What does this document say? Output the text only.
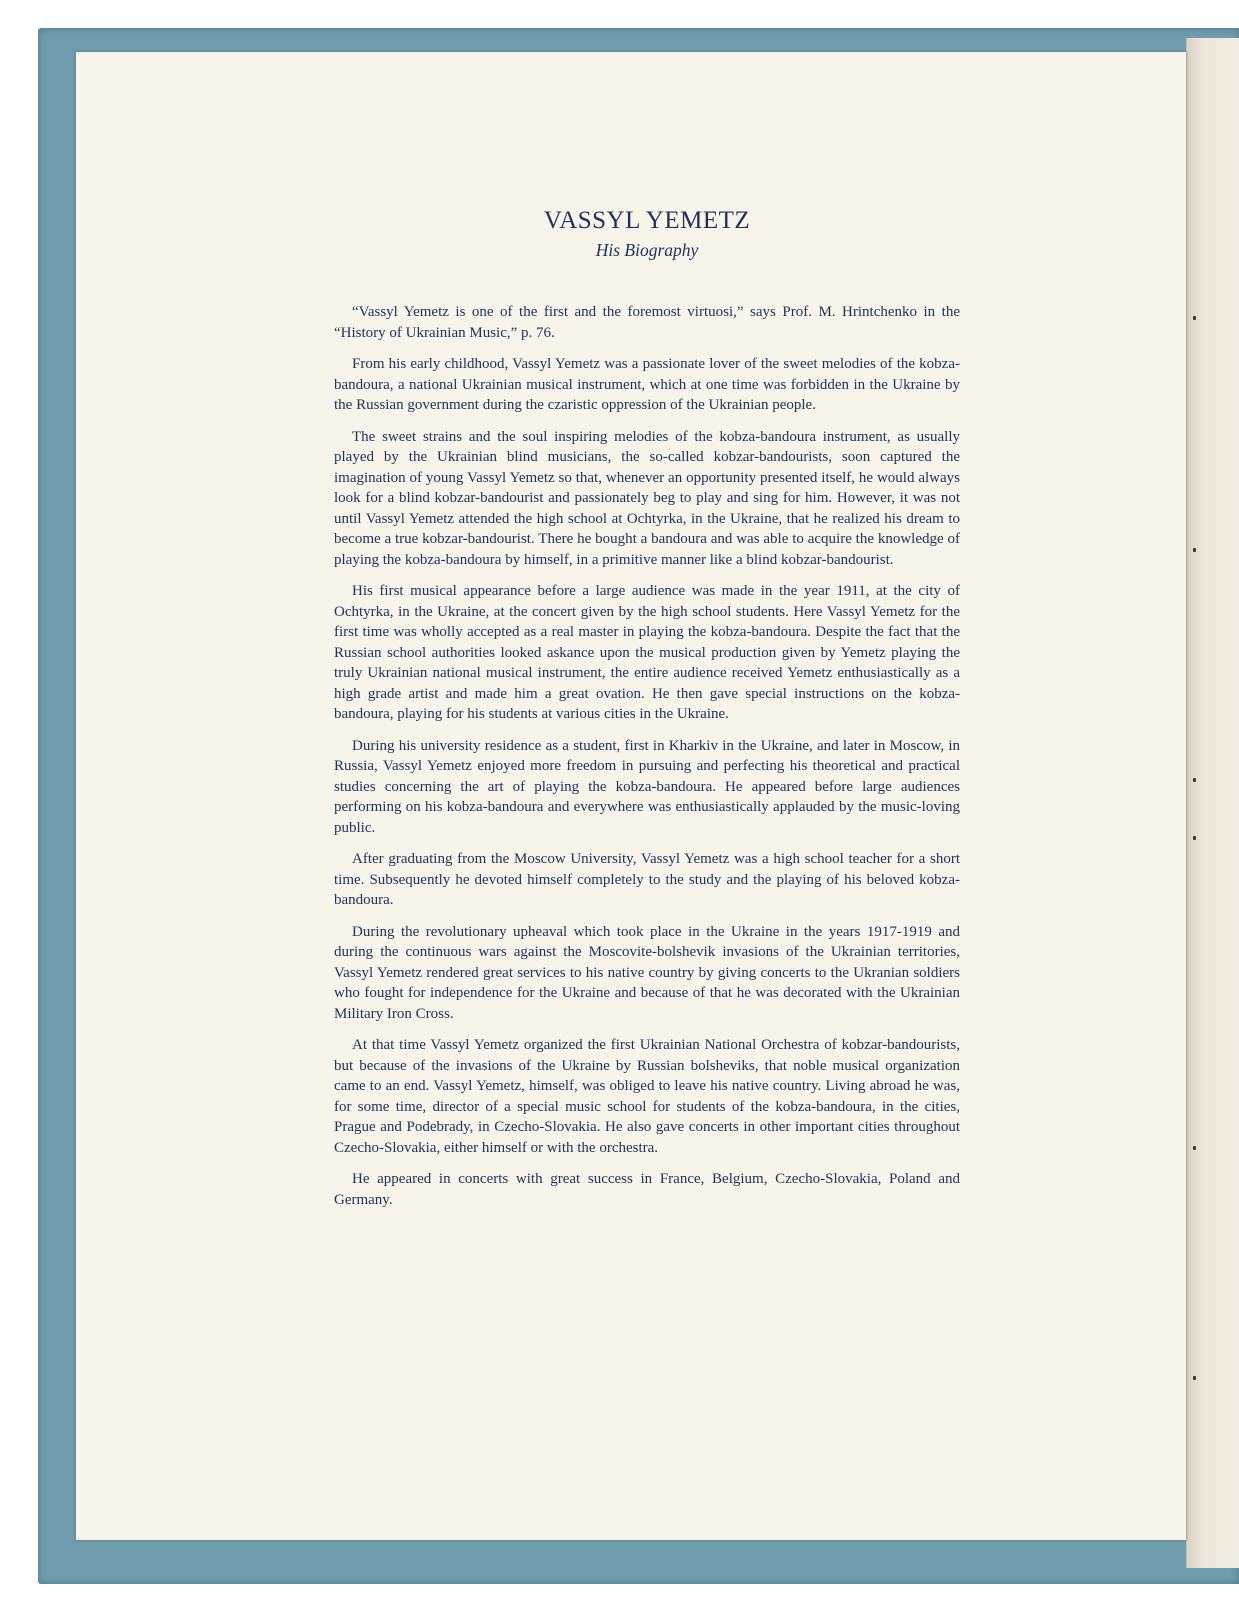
VASSYL YEMETZ
His Biography

“Vassyl Yemetz is one of the first and the foremost virtuosi,” says Prof. M. Hrintchenko in the “History of Ukrainian Music,” p. 76.

From his early childhood, Vassyl Yemetz was a passionate lover of the sweet melodies of the kobza-bandoura, a national Ukrainian musical instrument, which at one time was forbidden in the Ukraine by the Russian government during the czaristic oppression of the Ukrainian people.

The sweet strains and the soul inspiring melodies of the kobza-bandoura instrument, as usually played by the Ukrainian blind musicians, the so-called kobzar-bandourists, soon captured the imagination of young Vassyl Yemetz so that, whenever an opportunity presented itself, he would always look for a blind kobzar-bandourist and passionately beg to play and sing for him. However, it was not until Vassyl Yemetz attended the high school at Ochtyrka, in the Ukraine, that he realized his dream to become a true kobzar-bandourist. There he bought a bandoura and was able to acquire the knowledge of playing the kobza-bandoura by himself, in a primitive manner like a blind kobzar-bandourist.

His first musical appearance before a large audience was made in the year 1911, at the city of Ochtyrka, in the Ukraine, at the concert given by the high school students. Here Vassyl Yemetz for the first time was wholly accepted as a real master in playing the kobza-bandoura. Despite the fact that the Russian school authorities looked askance upon the musical production given by Yemetz playing the truly Ukrainian national musical instrument, the entire audience received Yemetz enthusiastically as a high grade artist and made him a great ovation. He then gave special instructions on the kobza-bandoura, playing for his students at various cities in the Ukraine.

During his university residence as a student, first in Kharkiv in the Ukraine, and later in Moscow, in Russia, Vassyl Yemetz enjoyed more freedom in pursuing and perfecting his theoretical and practical studies concerning the art of playing the kobza-bandoura. He appeared before large audiences performing on his kobza-bandoura and everywhere was enthusiastically applauded by the music-loving public.

After graduating from the Moscow University, Vassyl Yemetz was a high school teacher for a short time. Subsequently he devoted himself completely to the study and the playing of his beloved kobza-bandoura.

During the revolutionary upheaval which took place in the Ukraine in the years 1917-1919 and during the continuous wars against the Moscovite-bolshevik invasions of the Ukrainian territories, Vassyl Yemetz rendered great services to his native country by giving concerts to the Ukranian soldiers who fought for independence for the Ukraine and because of that he was decorated with the Ukrainian Military Iron Cross.

At that time Vassyl Yemetz organized the first Ukrainian National Orchestra of kobzar-bandourists, but because of the invasions of the Ukraine by Russian bolsheviks, that noble musical organization came to an end. Vassyl Yemetz, himself, was obliged to leave his native country. Living abroad he was, for some time, director of a special music school for students of the kobza-bandoura, in the cities, Prague and Podebrady, in Czecho-Slovakia. He also gave concerts in other important cities throughout Czecho-Slovakia, either himself or with the orchestra.

He appeared in concerts with great success in France, Belgium, Czecho-Slovakia, Poland and Germany.
